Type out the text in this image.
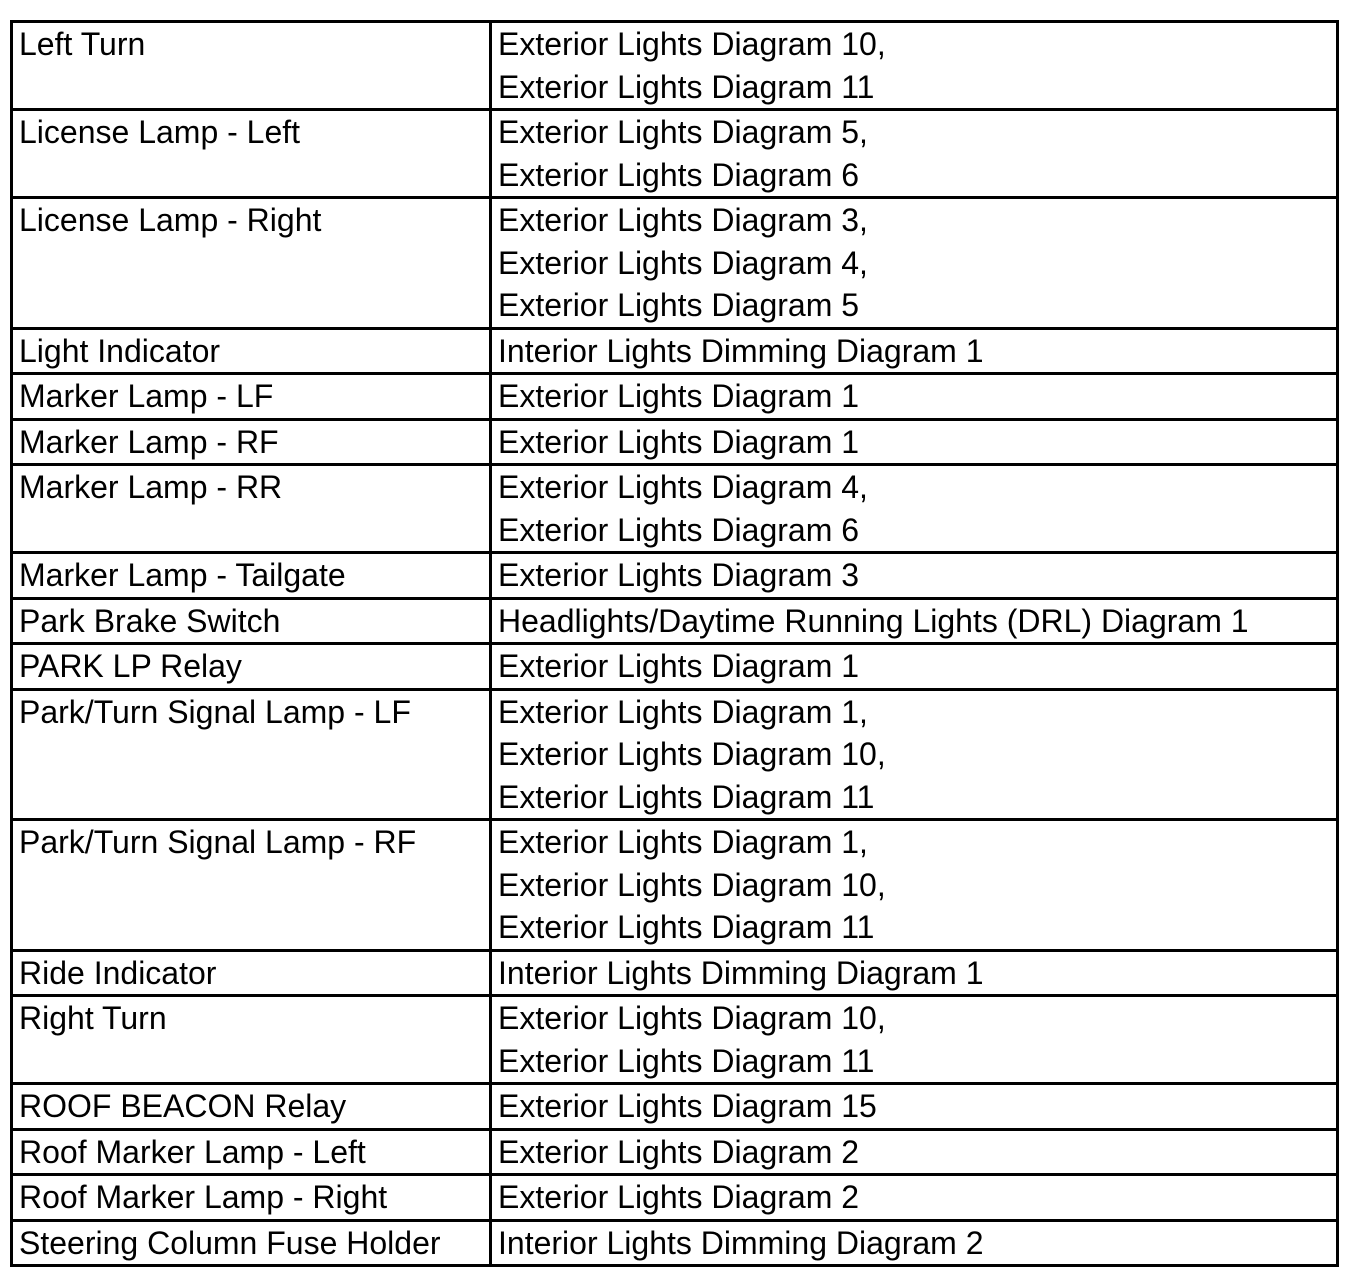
Left Turn	Exterior Lights Diagram 10,
Exterior Lights Diagram 11

License Lamp - Left	Exterior Lights Diagram 5,
Exterior Lights Diagram 6

License Lamp - Right	Exterior Lights Diagram 3,
Exterior Lights Diagram 4,
Exterior Lights Diagram 5

Light Indicator	Interior Lights Dimming Diagram 1

Marker Lamp - LF	Exterior Lights Diagram 1

Marker Lamp - RF	Exterior Lights Diagram 1

Marker Lamp - RR	Exterior Lights Diagram 4,
Exterior Lights Diagram 6

Marker Lamp - Tailgate	Exterior Lights Diagram 3

Park Brake Switch	Headlights/Daytime Running Lights (DRL) Diagram 1

PARK LP Relay	Exterior Lights Diagram 1

Park/Turn Signal Lamp - LF	Exterior Lights Diagram 1,
Exterior Lights Diagram 10,
Exterior Lights Diagram 11

Park/Turn Signal Lamp - RF	Exterior Lights Diagram 1,
Exterior Lights Diagram 10,
Exterior Lights Diagram 11

Ride Indicator	Interior Lights Dimming Diagram 1

Right Turn	Exterior Lights Diagram 10,
Exterior Lights Diagram 11

ROOF BEACON Relay	Exterior Lights Diagram 15

Roof Marker Lamp - Left	Exterior Lights Diagram 2

Roof Marker Lamp - Right	Exterior Lights Diagram 2

Steering Column Fuse Holder	Interior Lights Dimming Diagram 2
